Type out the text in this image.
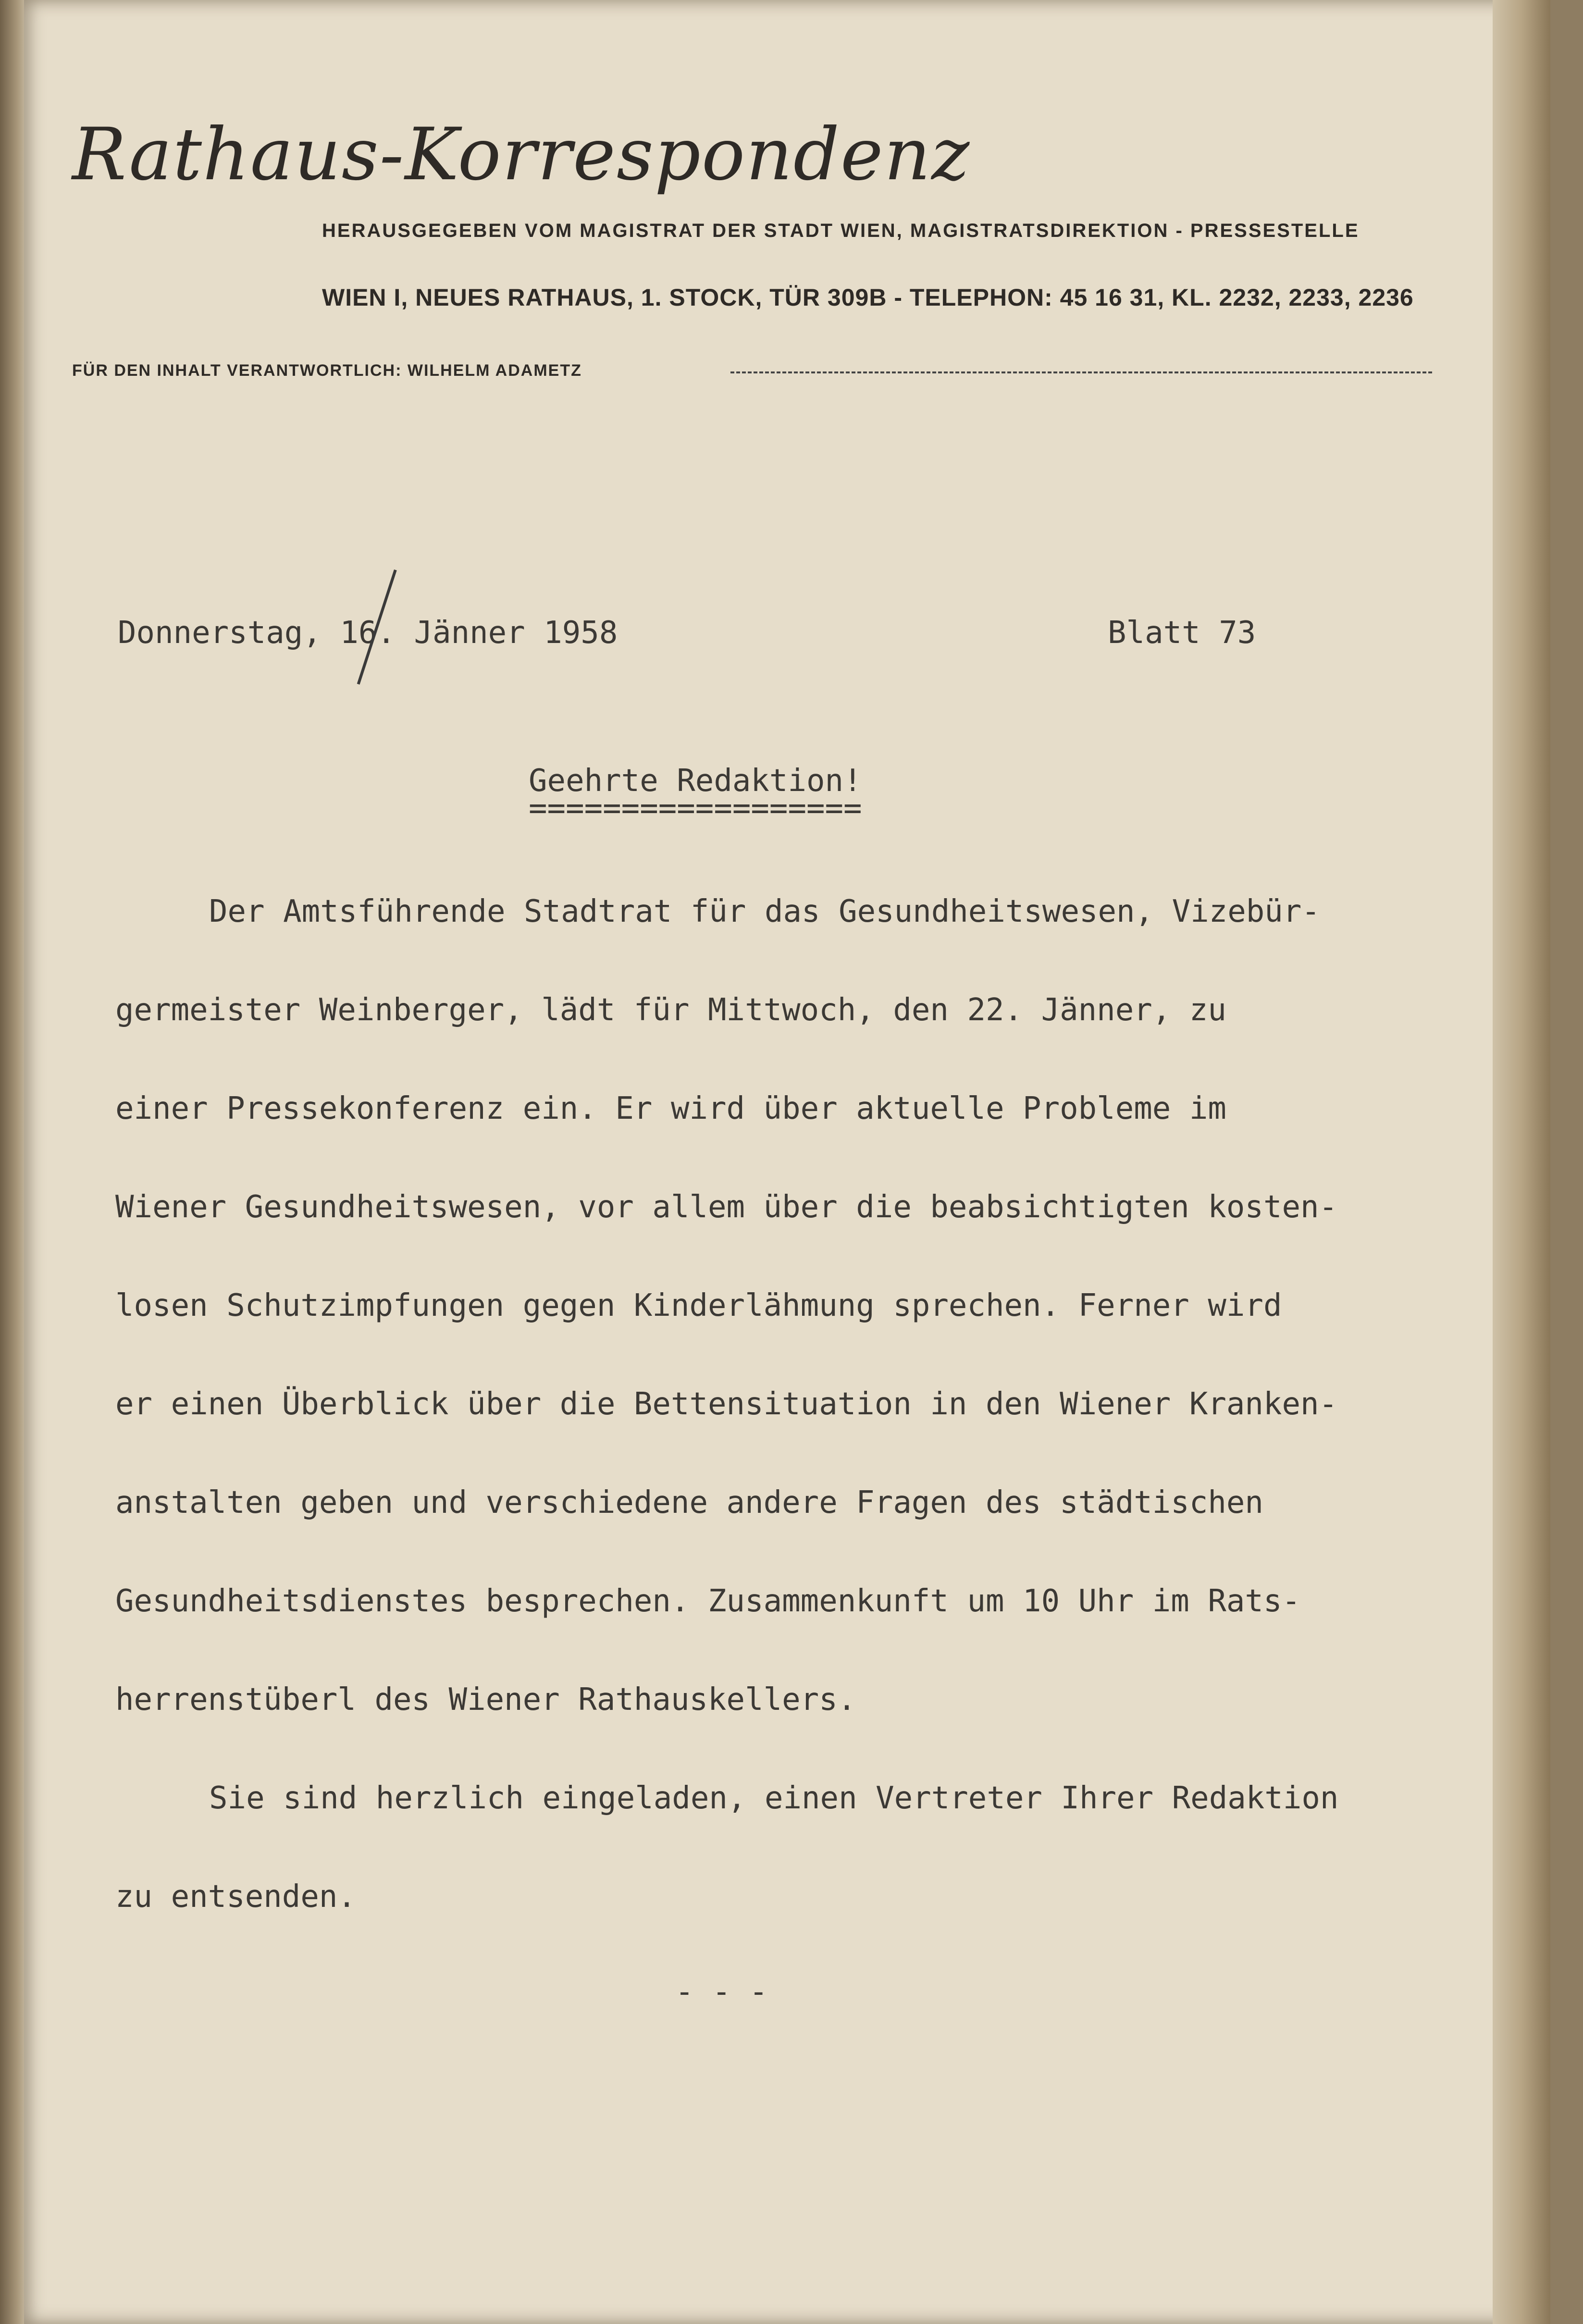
Rathaus-Korrespondenz
HERAUSGEGEBEN VOM MAGISTRAT DER STADT WIEN, MAGISTRATSDIREKTION - PRESSESTELLE
WIEN I, NEUES RATHAUS, 1. STOCK, TÜR 309B - TELEPHON: 45 16 31, KL. 2232, 2233, 2236
FÜR DEN INHALT VERANTWORTLICH: WILHELM ADAMETZ
Donnerstag, 16. Jänner 1958	Blatt 73
Geehrte Redaktion!
==================
Der Amtsführende Stadtrat für das Gesundheitswesen, Vizebür-
germeister Weinberger, lädt für Mittwoch, den 22. Jänner, zu
einer Pressekonferenz ein. Er wird über aktuelle Probleme im
Wiener Gesundheitswesen, vor allem über die beabsichtigten kosten-
losen Schutzimpfungen gegen Kinderlähmung sprechen. Ferner wird
er einen Überblick über die Bettensituation in den Wiener Kranken-
anstalten geben und verschiedene andere Fragen des städtischen
Gesundheitsdienstes besprechen. Zusammenkunft um 10 Uhr im Rats-
herrenstüberl des Wiener Rathauskellers.
Sie sind herzlich eingeladen, einen Vertreter Ihrer Redaktion
zu entsenden.
- - -
